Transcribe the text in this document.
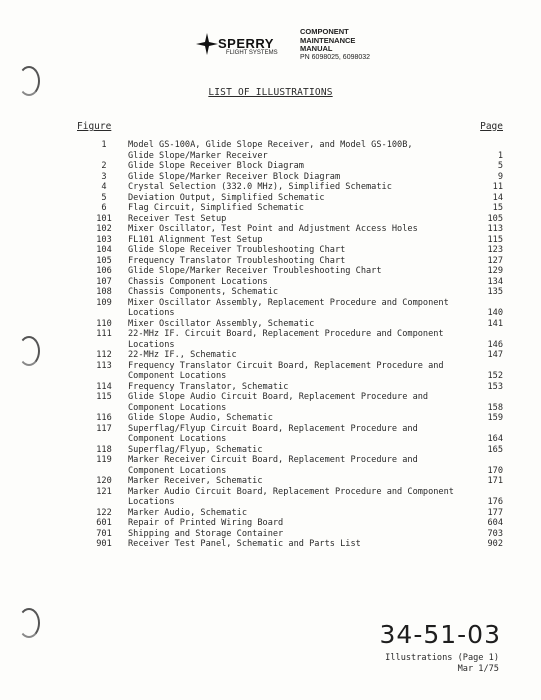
SPERRY
FLIGHT SYSTEMS
COMPONENT
MAINTENANCE
MANUAL
PN 6098025, 6098032
LIST OF ILLUSTRATIONS
Figure	Page
1	Model GS-100A, Glide Slope Receiver, and Model GS-100B,
Glide Slope/Marker Receiver	1
2	Glide Slope Receiver Block Diagram	5
3	Glide Slope/Marker Receiver Block Diagram	9
4	Crystal Selection (332.0 MHz), Simplified Schematic	11
5	Deviation Output, Simplified Schematic	14
6	Flag Circuit, Simplified Schematic	15
101	Receiver Test Setup	105
102	Mixer Oscillator, Test Point and Adjustment Access Holes	113
103	FL101 Alignment Test Setup	115
104	Glide Slope Receiver Troubleshooting Chart	123
105	Frequency Translator Troubleshooting Chart	127
106	Glide Slope/Marker Receiver Troubleshooting Chart	129
107	Chassis Component Locations	134
108	Chassis Components, Schematic	135
109	Mixer Oscillator Assembly, Replacement Procedure and Component
Locations	140
110	Mixer Oscillator Assembly, Schematic	141
111	22-MHz IF. Circuit Board, Replacement Procedure and Component
Locations	146
112	22-MHz IF., Schematic	147
113	Frequency Translator Circuit Board, Replacement Procedure and
Component Locations	152
114	Frequency Translator, Schematic	153
115	Glide Slope Audio Circuit Board, Replacement Procedure and
Component Locations	158
116	Glide Slope Audio, Schematic	159
117	Superflag/Flyup Circuit Board, Replacement Procedure and
Component Locations	164
118	Superflag/Flyup, Schematic	165
119	Marker Receiver Circuit Board, Replacement Procedure and
Component Locations	170
120	Marker Receiver, Schematic	171
121	Marker Audio Circuit Board, Replacement Procedure and Component
Locations	176
122	Marker Audio, Schematic	177
601	Repair of Printed Wiring Board	604
701	Shipping and Storage Container	703
901	Receiver Test Panel, Schematic and Parts List	902
34-51-03
Illustrations (Page 1)
Mar 1/75
